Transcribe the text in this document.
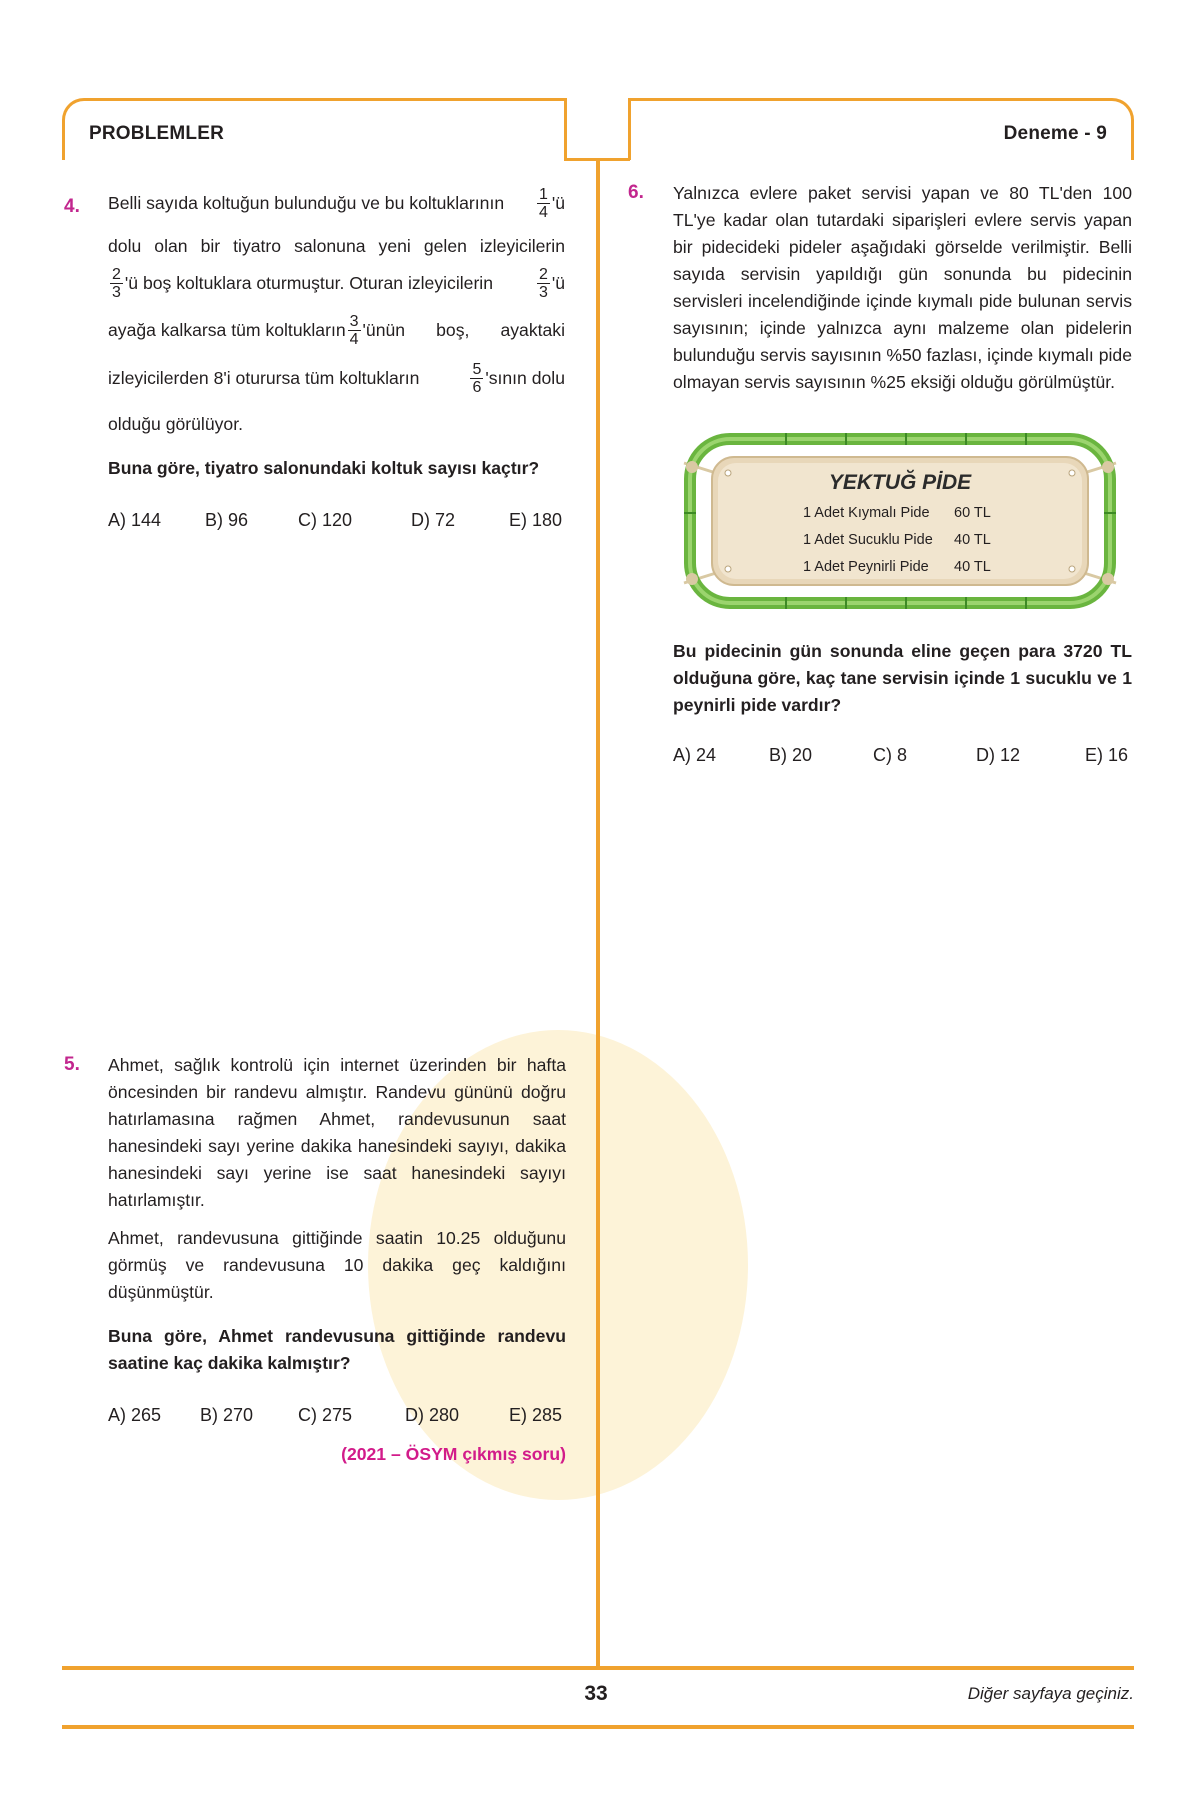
PROBLEMLER	Deneme - 9
4. Belli sayıda koltuğun bulunduğu ve bu koltuklarının $\frac{1}{4}$ 'ü
dolu olan bir tiyatro salonuna yeni gelen izleyicilerin
$\frac{2}{3}$ 'ü boş koltuklara oturmuştur. Oturan izleyicilerin	$\frac{2}{3}$ 'ü
ayağa kalkarsa tüm koltukların $\frac{3}{4}$ 'ünün boş, ayaktaki
izleyicilerden 8'i oturursa tüm koltukların	$\frac{5}{6}$ 'sının dolu
olduğu görülüyor.
Buna göre, tiyatro salonundaki koltuk sayısı kaçtır?
A) 144 B) 96	C) 120	D) 72	E) 180
5. Ahmet, sağlık kontrolü için internet üzerinden bir hafta öncesinden bir randevu almıştır. Randevu gününü doğru hatırlamasına rağmen Ahmet, randevusunun saat hanesindeki sayı yerine dakika hanesindeki sayıyı, dakika hanesindeki sayı yerine ise saat hanesindeki sayıyı hatırlamıştır.

Ahmet, randevusuna gittiğinde saatin 10.25 olduğunu görmüş ve randevusuna 10 dakika geç kaldığını düşünmüştür.

Buna göre, Ahmet randevusuna gittiğinde randevu saatine kaç dakika kalmıştır?

A) 265 B) 270 C) 275	D) 280	E) 285
(2021 – ÖSYM çıkmış soru)
6. Yalnızca evlere paket servisi yapan ve 80 TL'den 100 TL'ye kadar olan tutardaki siparişleri evlere servis yapan bir pidecideki pideler aşağıdaki görselde verilmiştir. Belli sayıda servisin yapıldığı gün sonunda bu pidecinin servisleri incelendiğinde içinde kıymalı pide bulunan servis sayısının; içinde yalnızca aynı malzeme olan pidelerin bulunduğu servis sayısının %50 fazlası, içinde kıymalı pide olmayan servis sayısının %25 eksiği olduğu görülmüştür.

YEKTUĞ PİDE
1 Adet Kıymalı Pide 60 TL
1 Adet Sucuklu Pide 40 TL
1 Adet Peynirli Pide 40 TL
Bu pidecinin gün sonunda eline geçen para 3720 TL olduğuna göre, kaç tane servisin içinde 1 sucuklu ve 1 peynirli pide vardır?
A) 24	B) 20	C) 8	D) 12	E) 16
33	Diğer sayfaya geçiniz.
